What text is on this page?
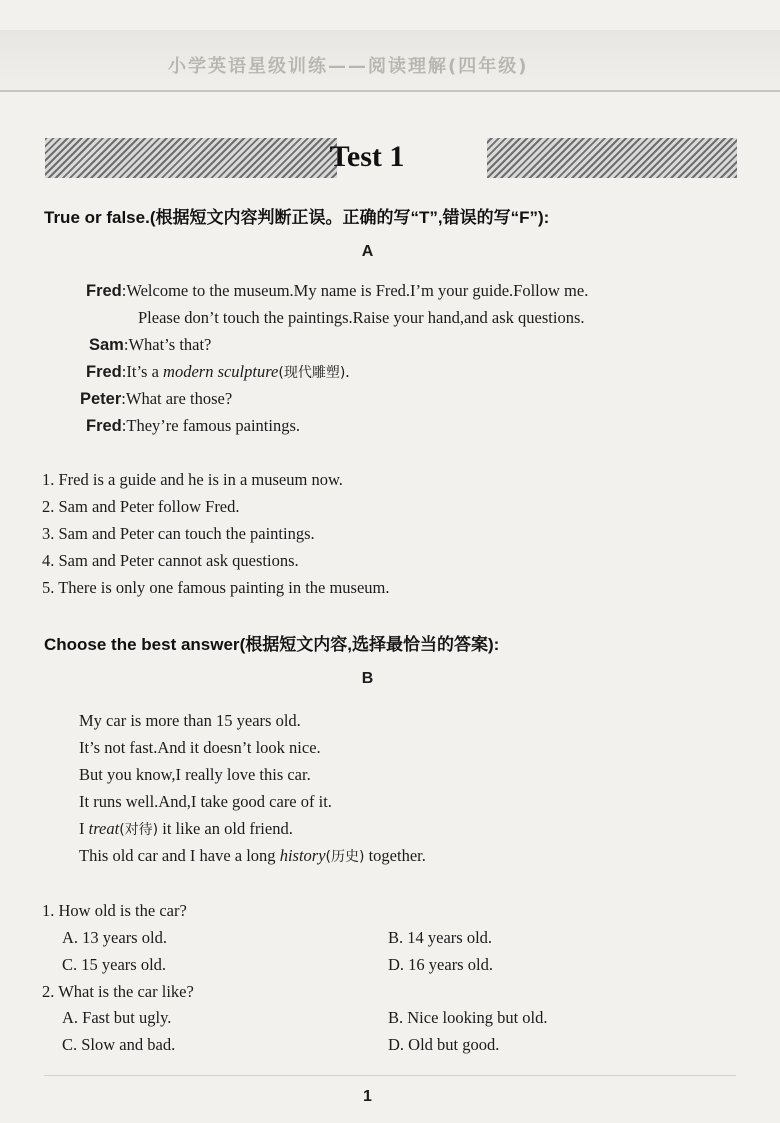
小学英语星级训练——阅读理解(四年级)
Test 1
True or false.(根据短文内容判断正误。正确的写“T”,错误的写“F”):
A
Fred:Welcome to the museum.My name is Fred.I’m your guide.Follow me.
Please don’t touch the paintings.Raise your hand,and ask questions.
Sam:What’s that?
Fred:It’s a modern sculpture(现代雕塑).
Peter:What are those?
Fred:They’re famous paintings.
1. Fred is a guide and he is in a museum now.
2. Sam and Peter follow Fred.
3. Sam and Peter can touch the paintings.
4. Sam and Peter cannot ask questions.
5. There is only one famous painting in the museum.
Choose the best answer(根据短文内容,选择最恰当的答案):
B
My car is more than 15 years old.
It’s not fast.And it doesn’t look nice.
But you know,I really love this car.
It runs well.And,I take good care of it.
I treat(对待) it like an old friend.
This old car and I have a long history(历史) together.
1. How old is the car?
A. 13 years old.	B. 14 years old.
C. 15 years old.	D. 16 years old.
2. What is the car like?
A. Fast but ugly.	B. Nice looking but old.
C. Slow and bad.	D. Old but good.
1
